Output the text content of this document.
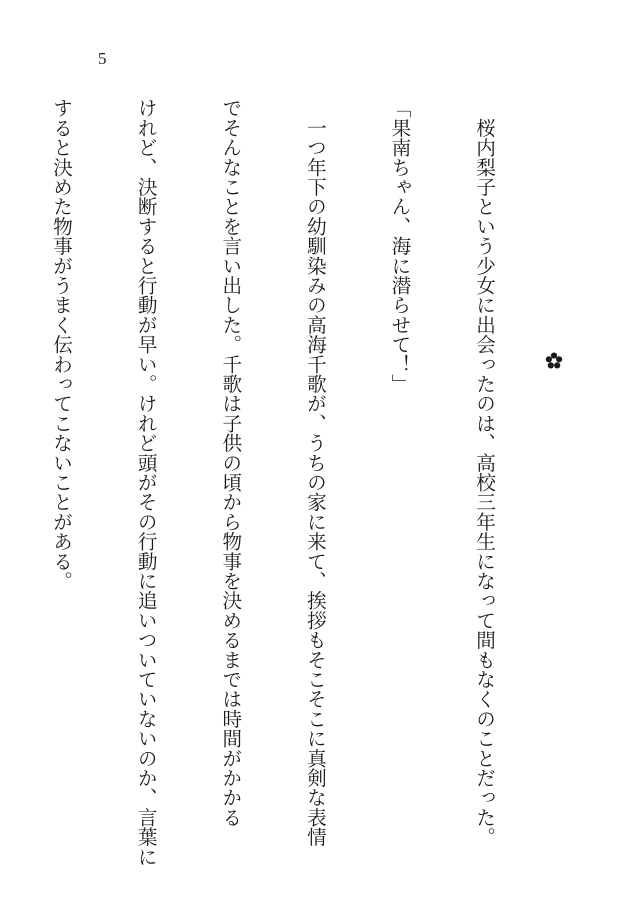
5

　桜内梨子という少女に出会ったのは、高校三年生になって間もなくのことだった。

「果南ちゃん、海に潜らせて！」

　一つ年下の幼馴染みの高海千歌が、うちの家に来て、挨拶もそこそこに真剣な表情

でそんなことを言い出した。千歌は子供の頃から物事を決めるまでは時間がかかる

けれど、決断すると行動が早い。けれど頭がその行動に追いついていないのか、言葉に

すると決めた物事がうまく伝わってこないことがある。
